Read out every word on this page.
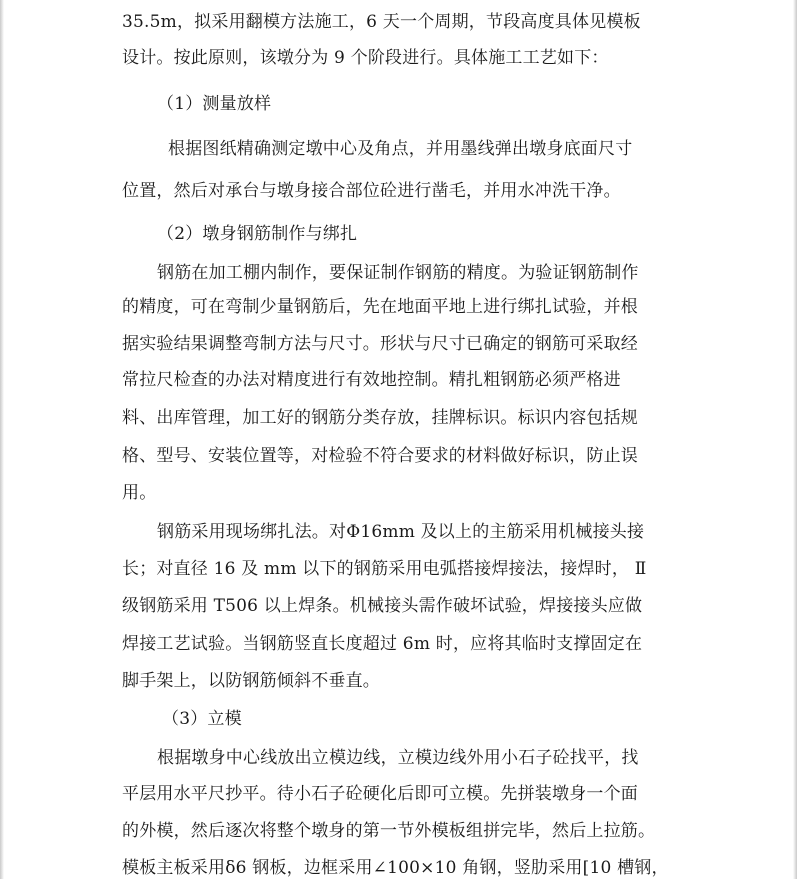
35.5m，拟采用翻模方法施工，6 天一个周期，节段高度具体见模板
设计。按此原则，该墩分为 9 个阶段进行。具体施工工艺如下：
（1）测量放样
根据图纸精确测定墩中心及角点，并用墨线弹出墩身底面尺寸
位置，然后对承台与墩身接合部位砼进行凿毛，并用水冲洗干净。
（2）墩身钢筋制作与绑扎
钢筋在加工棚内制作，要保证制作钢筋的精度。为验证钢筋制作
的精度，可在弯制少量钢筋后，先在地面平地上进行绑扎试验，并根
据实验结果调整弯制方法与尺寸。形状与尺寸已确定的钢筋可采取经
常拉尺检查的办法对精度进行有效地控制。精扎粗钢筋必须严格进
料、出库管理，加工好的钢筋分类存放，挂牌标识。标识内容包括规
格、型号、安装位置等，对检验不符合要求的材料做好标识，防止误
用。
钢筋采用现场绑扎法。对Φ16mm 及以上的主筋采用机械接头接
长；对直径 16 及 mm 以下的钢筋采用电弧搭接焊接法，接焊时， Ⅱ
级钢筋采用 T506 以上焊条。机械接头需作破坏试验，焊接接头应做
焊接工艺试验。当钢筋竖直长度超过 6m 时，应将其临时支撑固定在
脚手架上，以防钢筋倾斜不垂直。
（3）立模
根据墩身中心线放出立模边线，立模边线外用小石子砼找平，找
平层用水平尺抄平。待小石子砼硬化后即可立模。先拼装墩身一个面
的外模，然后逐次将整个墩身的第一节外模板组拼完毕，然后上拉筋。
模板主板采用δ6 钢板，边框采用∠100×10 角钢，竖肋采用[10 槽钢，
